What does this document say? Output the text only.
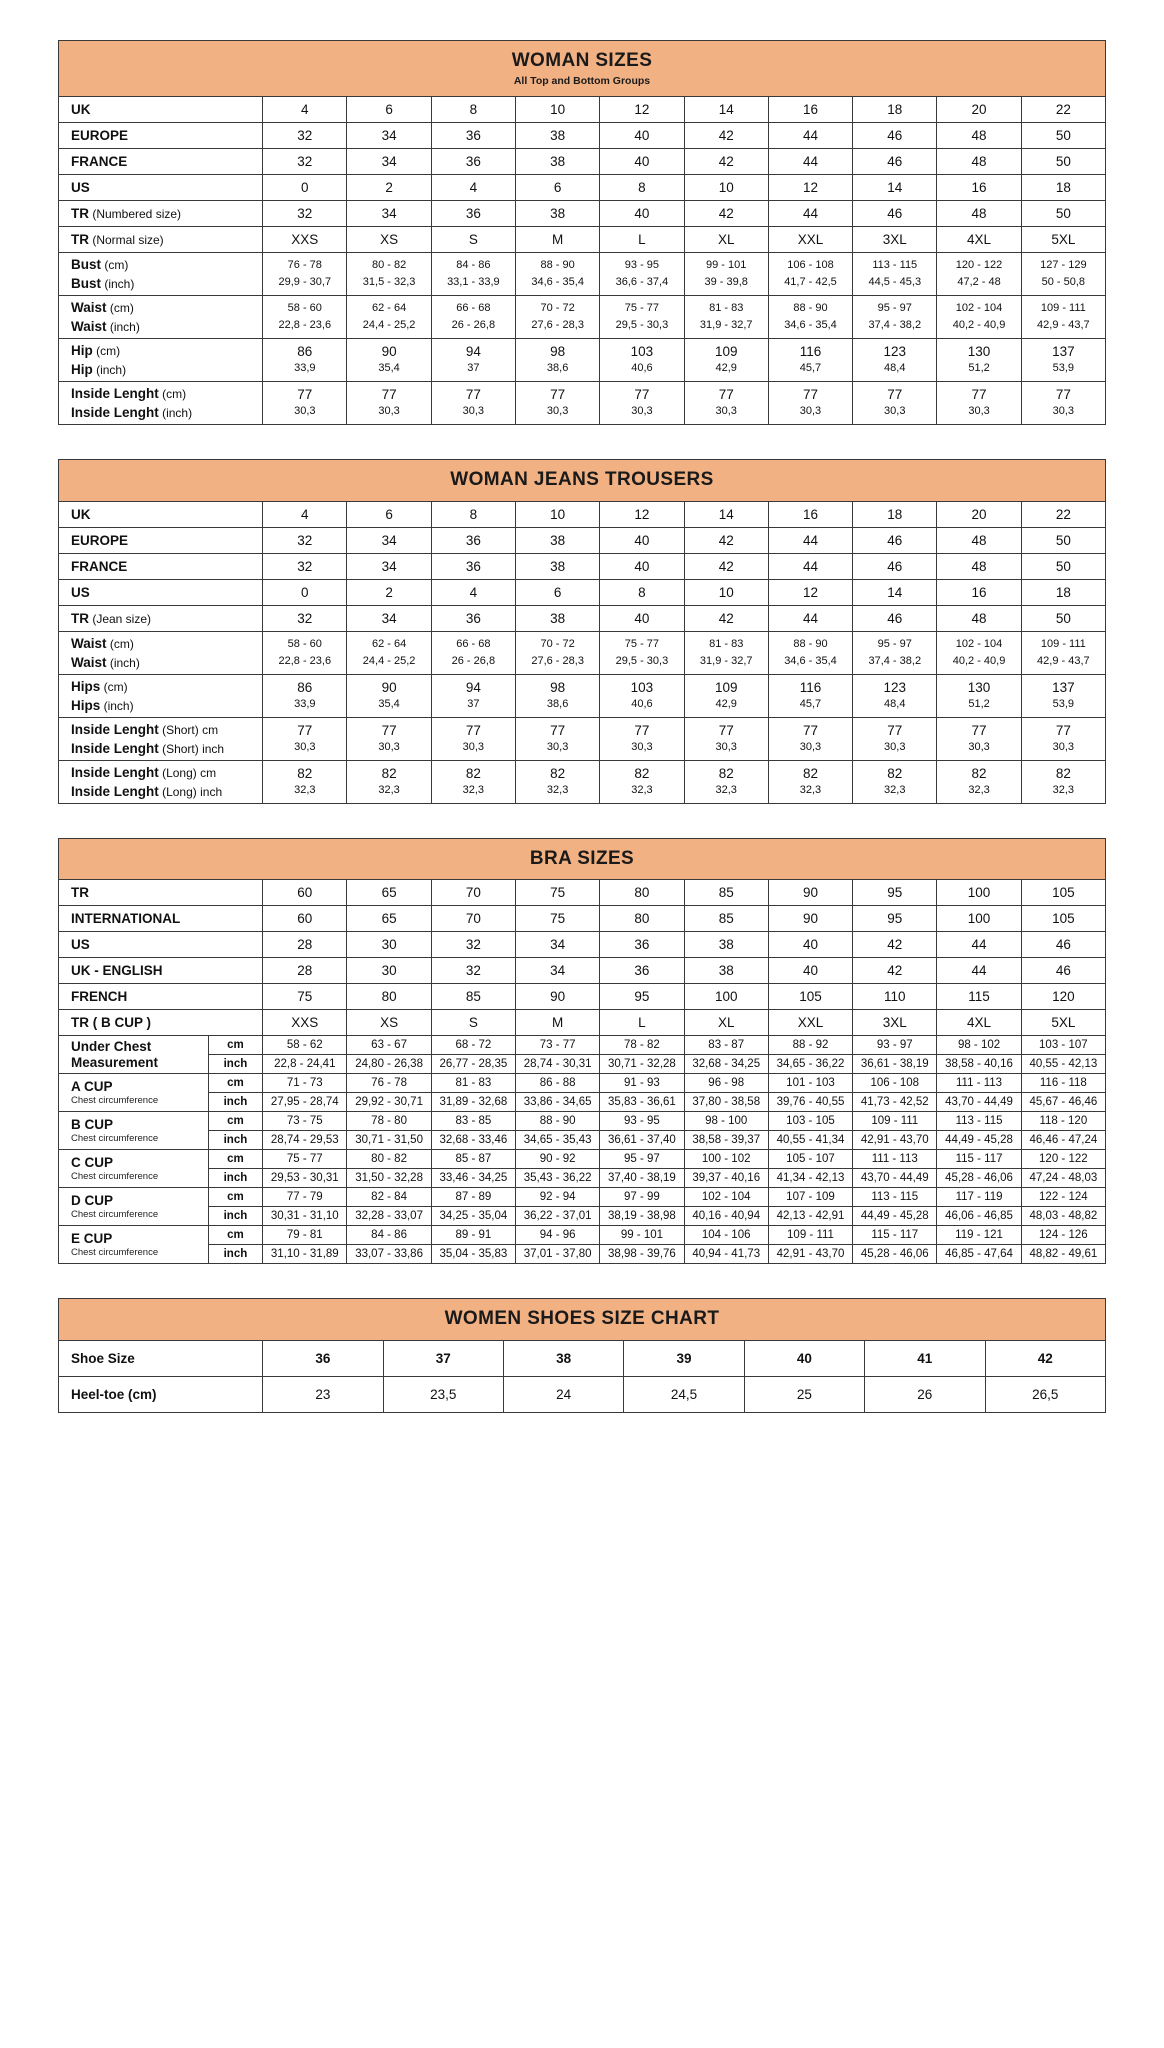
WOMAN SIZES
All Top and Bottom Groups										

UK	4	6	8	10	12	14	16	18	20	22
EUROPE	32	34	36	38	40	42	44	46	48	50
FRANCE	32	34	36	38	40	42	44	46	48	50
US	0	2	4	6	8	10	12	14	16	18
TR (Numbered size)	32	34	36	38	40	42	44	46	48	50
TR (Normal size)	XXS	XS	S	M	L	XL	XXL	3XL	4XL	5XL
Bust (cm)	76 - 78	80 - 82	84 - 86	88 - 90	93 - 95	99 - 101	106 - 108	113 - 115	120 - 122	127 - 129
Bust (inch)	29,9 - 30,7	31,5 - 32,3	33,1 - 33,9	34,6 - 35,4	36,6 - 37,4	39 - 39,8	41,7 - 42,5	44,5 - 45,3	47,2 - 48	50 - 50,8
Waist (cm)	58 - 60	62 - 64	66 - 68	70 - 72	75 - 77	81 - 83	88 - 90	95 - 97	102 - 104	109 - 111
Waist (inch)	22,8 - 23,6	24,4 - 25,2	26 - 26,8	27,6 - 28,3	29,5 - 30,3	31,9 - 32,7	34,6 - 35,4	37,4 - 38,2	40,2 - 40,9	42,9 - 43,7
Hip (cm)	86	90	94	98	103	109	116	123	130	137
Hip (inch)	33,9	35,4	37	38,6	40,6	42,9	45,7	48,4	51,2	53,9
Inside Lenght (cm)	77	77	77	77	77	77	77	77	77	77
Inside Lenght (inch)	30,3	30,3	30,3	30,3	30,3	30,3	30,3	30,3	30,3	30,3
WOMAN JEANS TROUSERS										

UK	4	6	8	10	12	14	16	18	20	22
EUROPE	32	34	36	38	40	42	44	46	48	50
FRANCE	32	34	36	38	40	42	44	46	48	50
US	0	2	4	6	8	10	12	14	16	18
TR (Jean size)	32	34	36	38	40	42	44	46	48	50
Waist (cm)	58 - 60	62 - 64	66 - 68	70 - 72	75 - 77	81 - 83	88 - 90	95 - 97	102 - 104	109 - 111
Waist (inch)	22,8 - 23,6	24,4 - 25,2	26 - 26,8	27,6 - 28,3	29,5 - 30,3	31,9 - 32,7	34,6 - 35,4	37,4 - 38,2	40,2 - 40,9	42,9 - 43,7
Hips (cm)	86	90	94	98	103	109	116	123	130	137
Hips (inch)	33,9	35,4	37	38,6	40,6	42,9	45,7	48,4	51,2	53,9
Inside Lenght (Short) cm	77	77	77	77	77	77	77	77	77	77
Inside Lenght (Short) inch	30,3	30,3	30,3	30,3	30,3	30,3	30,3	30,3	30,3	30,3
Inside Lenght (Long) cm	82	82	82	82	82	82	82	82	82	82
Inside Lenght (Long) inch	32,3	32,3	32,3	32,3	32,3	32,3	32,3	32,3	32,3	32,3
BRA SIZES											

TR		60	65	70	75	80	85	90	95	100	105
INTERNATIONAL		60	65	70	75	80	85	90	95	100	105
US		28	30	32	34	36	38	40	42	44	46
UK - ENGLISH		28	30	32	34	36	38	40	42	44	46
FRENCH		75	80	85	90	95	100	105	110	115	120
TR ( B CUP )		XXS	XS	S	M	L	XL	XXL	3XL	4XL	5XL
Under Chest Measurement	cm	58 - 62	63 - 67	68 - 72	73 - 77	78 - 82	83 - 87	88 - 92	93 - 97	98 - 102	103 - 107
	inch	22,8 - 24,41	24,80 - 26,38	26,77 - 28,35	28,74 - 30,31	30,71 - 32,28	32,68 - 34,25	34,65 - 36,22	36,61 - 38,19	38,58 - 40,16	40,55 - 42,13
A CUP
Chest circumference	cm	71 - 73	76 - 78	81 - 83	86 - 88	91 - 93	96 - 98	101 - 103	106 - 108	111 - 113	116 - 118
	inch	27,95 - 28,74	29,92 - 30,71	31,89 - 32,68	33,86 - 34,65	35,83 - 36,61	37,80 - 38,58	39,76 - 40,55	41,73 - 42,52	43,70 - 44,49	45,67 - 46,46
B CUP
Chest circumference	cm	73 - 75	78 - 80	83 - 85	88 - 90	93 - 95	98 - 100	103 - 105	109 - 111	113 - 115	118 - 120
	inch	28,74 - 29,53	30,71 - 31,50	32,68 - 33,46	34,65 - 35,43	36,61 - 37,40	38,58 - 39,37	40,55 - 41,34	42,91 - 43,70	44,49 - 45,28	46,46 - 47,24
C CUP
Chest circumference	cm	75 - 77	80 - 82	85 - 87	90 - 92	95 - 97	100 - 102	105 - 107	111 - 113	115 - 117	120 - 122
	inch	29,53 - 30,31	31,50 - 32,28	33,46 - 34,25	35,43 - 36,22	37,40 - 38,19	39,37 - 40,16	41,34 - 42,13	43,70 - 44,49	45,28 - 46,06	47,24 - 48,03
D CUP
Chest circumference	cm	77 - 79	82 - 84	87 - 89	92 - 94	97 - 99	102 - 104	107 - 109	113 - 115	117 - 119	122 - 124
	inch	30,31 - 31,10	32,28 - 33,07	34,25 - 35,04	36,22 - 37,01	38,19 - 38,98	40,16 - 40,94	42,13 - 42,91	44,49 - 45,28	46,06 - 46,85	48,03 - 48,82
E CUP
Chest circumference	cm	79 - 81	84 - 86	89 - 91	94 - 96	99 - 101	104 - 106	109 - 111	115 - 117	119 - 121	124 - 126
	inch	31,10 - 31,89	33,07 - 33,86	35,04 - 35,83	37,01 - 37,80	38,98 - 39,76	40,94 - 41,73	42,91 - 43,70	45,28 - 46,06	46,85 - 47,64	48,82 - 49,61
WOMEN SHOES SIZE CHART							

Shoe Size	36	37	38	39	40	41	42
Heel-toe (cm)	23	23,5	24	24,5	25	26	26,5
